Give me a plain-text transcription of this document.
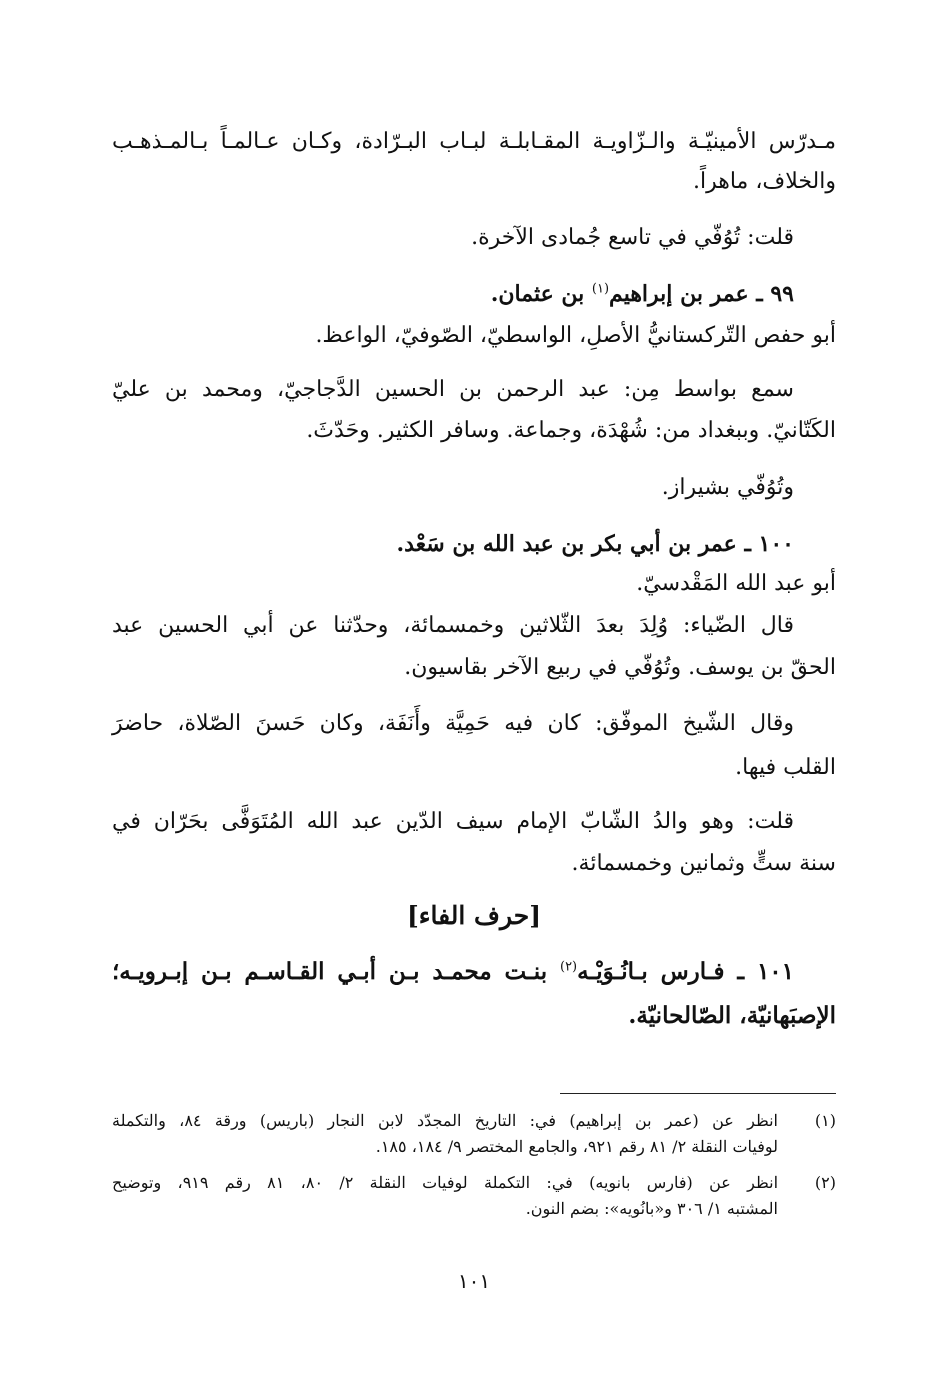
مـدرّس الأمينيّـة والـزّاويـة المقـابلـة لبـاب البـرّادة، وكـان عـالمـاً بـالمـذهـب
والخلاف، ماهراً.
قلت: تُوُفّي في تاسع جُمادى الآخرة.
٩٩ ـ عمر بن إبراهيم$^{(١)}$ بن عثمان.
أبو حفص التّركستانيُّ الأصلِ، الواسطيّ، الصّوفيّ، الواعظ.
سمع بواسط مِن: عبد الرحمن بن الحسين الدَّجاجيّ، ومحمد بن عليّ
الكَتّانيّ. وببغداد من: شُهْدَة، وجماعة. وسافر الكثير. وحَدّثَ.
وتُوُفّي بشيراز.
١٠٠ ـ عمر بن أبي بكر بن عبد الله بن سَعْد.
أبو عبد الله المَقْدسيّ.
قال الضّياء: وُلِدَ بعدَ الثّلاثين وخمسمائة، وحدّثنا عن أبي الحسين عبد
الحقّ بن يوسف. وتُوُفّي في ربيع الآخر بقاسيون.
وقال الشّيخ الموفّق: كان فيه حَمِيَّة وأَنَفَة، وكان حَسنَ الصّلاة، حاضرَ
القلب فيها.
قلت: وهو والدُ الشّابّ الإمام سيف الدّين عبد الله المُتَوَفَّى بحَرّان في
سنة ستٍّ وثمانين وخمسمائة.
[حرف الفاء]
١٠١ ـ فـارس بـانُـوَيْـه$^{(٢)}$ بنـت محمـد بـن أبـي القـاسـم بـن إبـرويـه؛
الإصبَهانيّة، الصّالحانيّة.
(١)
انظر عن (عمر بن إبراهيم) في: التاريخ المجدّد لابن النجار (باريس) ورقة ٨٤، والتكملة
لوفيات النقلة ٢/ ٨١ رقم ٩٢١، والجامع المختصر ٩/ ١٨٤، ١٨٥.
(٢)
انظر عن (فارس بانويه) في: التكملة لوفيات النقلة ٢/ ٨٠، ٨١ رقم ٩١٩، وتوضيح
المشتبه ١/ ٣٠٦ و«بانُويه»: بضم النون.
١٠١
